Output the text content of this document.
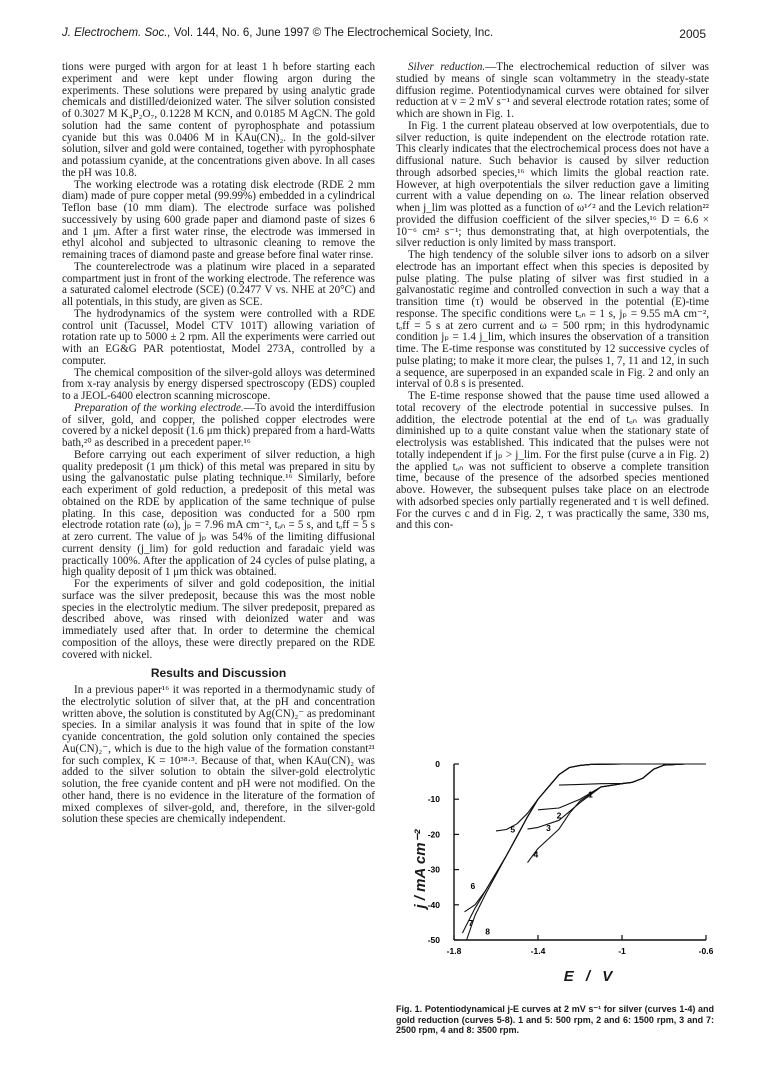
J. Electrochem. Soc., Vol. 144, No. 6, June 1997 © The Electrochemical Society, Inc.	2005

tions were purged with argon for at least 1 h before starting each experiment and were kept under flowing argon during the experiments. These solutions were prepared by using analytic grade chemicals and distilled/deionized water. The silver solution consisted of 0.3027 M K₄P₂O₇, 0.1228 M KCN, and 0.0185 M AgCN. The gold solution had the same content of pyrophosphate and potassium cyanide but this was 0.0406 M in KAu(CN)₂. In the gold-silver solution, silver and gold were contained, together with pyrophosphate and potassium cyanide, at the concentrations given above. In all cases the pH was 10.8.

The working electrode was a rotating disk electrode (RDE 2 mm diam) made of pure copper metal (99.99%) embedded in a cylindrical Teflon base (10 mm diam). The electrode surface was polished successively by using 600 grade paper and diamond paste of sizes 6 and 1 μm. After a first water rinse, the electrode was immersed in ethyl alcohol and subjected to ultrasonic cleaning to remove the remaining traces of diamond paste and grease before final water rinse.

The counterelectrode was a platinum wire placed in a separated compartment just in front of the working electrode. The reference was a saturated calomel electrode (SCE) (0.2477 V vs. NHE at 20°C) and all potentials, in this study, are given as SCE.

The hydrodynamics of the system were controlled with a RDE control unit (Tacussel, Model CTV 101T) allowing variation of rotation rate up to 5000 ± 2 rpm. All the experiments were carried out with an EG&G PAR potentiostat, Model 273A, controlled by a computer.

The chemical composition of the silver-gold alloys was determined from x-ray analysis by energy dispersed spectroscopy (EDS) coupled to a JEOL-6400 electron scanning microscope.

Preparation of the working electrode.—To avoid the interdiffusion of silver, gold, and copper, the polished copper electrodes were covered by a nickel deposit (1.6 μm thick) prepared from a hard-Watts bath,²⁰ as described in a precedent paper.¹⁶

Before carrying out each experiment of silver reduction, a high quality predeposit (1 μm thick) of this metal was prepared in situ by using the galvanostatic pulse plating technique.¹⁶ Similarly, before each experiment of gold reduction, a predeposit of this metal was obtained on the RDE by application of the same technique of pulse plating. In this case, deposition was conducted for a 500 rpm electrode rotation rate (ω), jₚ = 7.96 mA cm⁻², tₒₙ = 5 s, and tₒff = 5 s at zero current. The value of jₚ was 54% of the limiting diffusional current density (j_lim) for gold reduction and faradaic yield was practically 100%. After the application of 24 cycles of pulse plating, a high quality deposit of 1 μm thick was obtained.

For the experiments of silver and gold codeposition, the initial surface was the silver predeposit, because this was the most noble species in the electrolytic medium. The silver predeposit, prepared as described above, was rinsed with deionized water and was immediately used after that. In order to determine the chemical composition of the alloys, these were directly prepared on the RDE covered with nickel.

Results and Discussion

In a previous paper¹⁶ it was reported in a thermodynamic study of the electrolytic solution of silver that, at the pH and concentration written above, the solution is constituted by Ag(CN)₂⁻ as predominant species. In a similar analysis it was found that in spite of the low cyanide concentration, the gold solution only contained the species Au(CN)₂⁻, which is due to the high value of the formation constant²¹ for such complex, K = 10³⁸·³. Because of that, when KAu(CN)₂ was added to the silver solution to obtain the silver-gold electrolytic solution, the free cyanide content and pH were not modified. On the other hand, there is no evidence in the literature of the formation of mixed complexes of silver-gold, and, therefore, in the silver-gold solution these species are chemically independent.

Silver reduction.—The electrochemical reduction of silver was studied by means of single scan voltammetry in the steady-state diffusion regime. Potentiodynamical curves were obtained for silver reduction at v = 2 mV s⁻¹ and several electrode rotation rates; some of which are shown in Fig. 1.

In Fig. 1 the current plateau observed at low overpotentials, due to silver reduction, is quite independent on the electrode rotation rate. This clearly indicates that the electrochemical process does not have a diffusional nature. Such behavior is caused by silver reduction through adsorbed species,¹⁶ which limits the global reaction rate. However, at high overpotentials the silver reduction gave a limiting current with a value depending on ω. The linear relation observed when j_lim was plotted as a function of ω¹ᐟ² and the Levich relation²² provided the diffusion coefficient of the silver species,¹⁶ D = 6.6 × 10⁻⁶ cm² s⁻¹; thus demonstrating that, at high overpotentials, the silver reduction is only limited by mass transport.

The high tendency of the soluble silver ions to adsorb on a silver electrode has an important effect when this species is deposited by pulse plating. The pulse plating of silver was first studied in a galvanostatic regime and controlled convection in such a way that a transition time (τ) would be observed in the potential (E)-time response. The specific conditions were tₒₙ = 1 s, jₚ = 9.55 mA cm⁻², tₒff = 5 s at zero current and ω = 500 rpm; in this hydrodynamic condition jₚ = 1.4 j_lim, which insures the observation of a transition time. The E-time response was constituted by 12 successive cycles of pulse plating; to make it more clear, the pulses 1, 7, 11 and 12, in such a sequence, are superposed in an expanded scale in Fig. 2 and only an interval of 0.8 s is presented.

The E-time response showed that the pause time used allowed a total recovery of the electrode potential in successive pulses. In addition, the electrode potential at the end of tₒₙ was gradually diminished up to a quite constant value when the stationary state of electrolysis was established. This indicated that the pulses were not totally independent if jₚ > j_lim. For the first pulse (curve a in Fig. 2) the applied tₒₙ was not sufficient to observe a complete transition time, because of the presence of the adsorbed species mentioned above. However, the subsequent pulses take place on an electrode with adsorbed species only partially regenerated and τ is well defined. For the curves c and d in Fig. 2, τ was practically the same, 330 ms, and this con-

0
-10
-20
-30
-40
-50
-1.8	-1.4	-1	-0.6
1
2
3
4
5
6
7
8
j / mA cm⁻²
E / V

Fig. 1. Potentiodynamical j-E curves at 2 mV s⁻¹ for silver (curves 1-4) and gold reduction (curves 5-8). 1 and 5: 500 rpm, 2 and 6: 1500 rpm, 3 and 7: 2500 rpm, 4 and 8: 3500 rpm.
